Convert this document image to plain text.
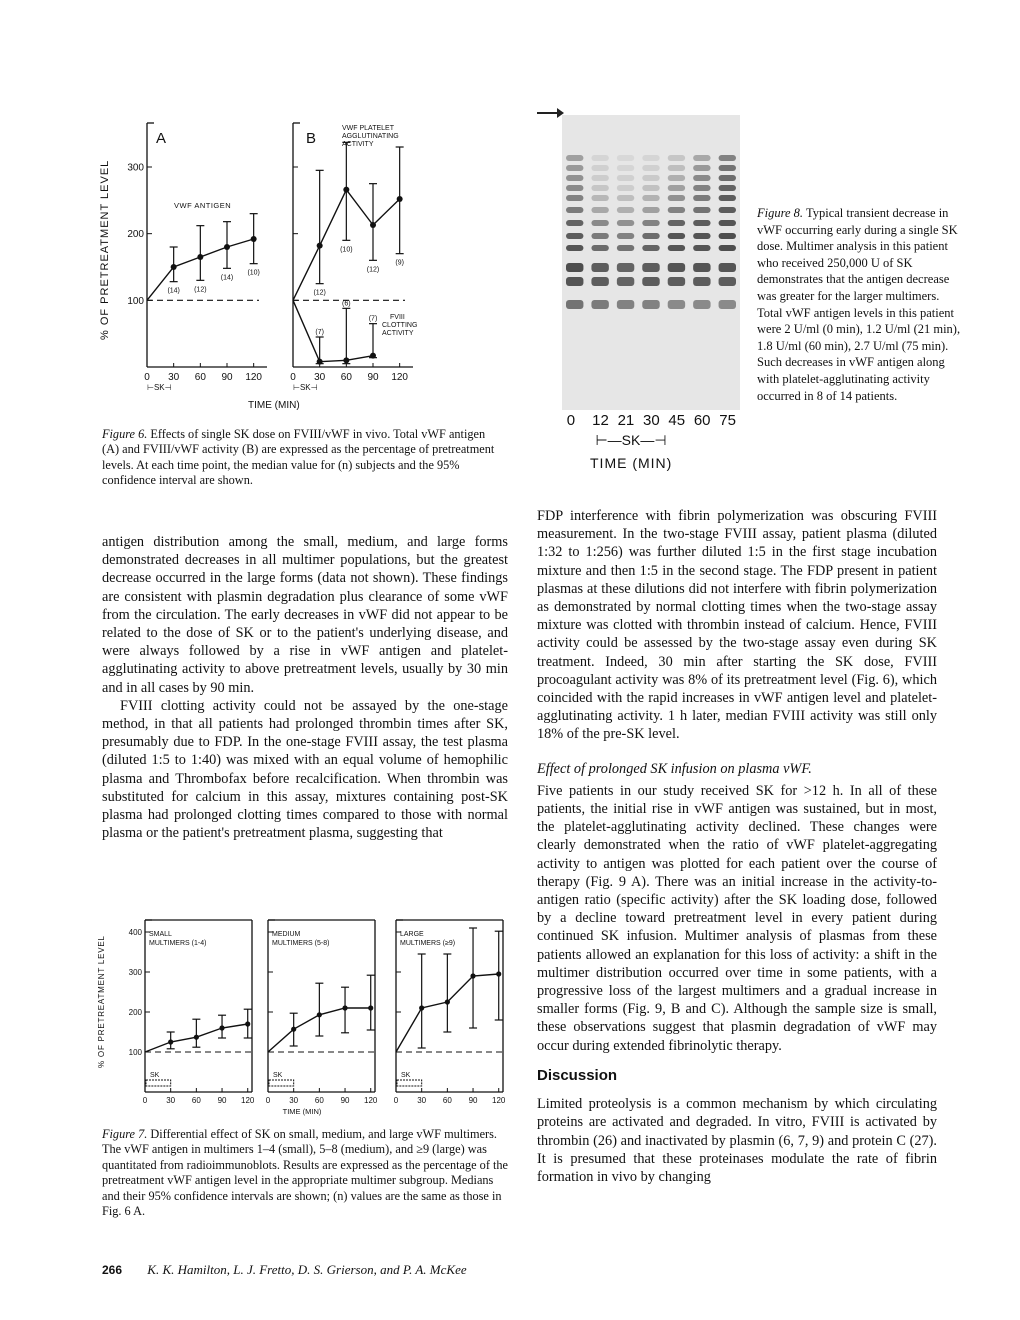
% OF PRETREATMENT LEVEL 100
200
300
0 30 60 90 120
(14) (12)
(14)
(10)
A
VWF ANTIGEN
⊢SK⊣
0 30 60 90 120
(12)
(10)
(12)
(9)
(7)
(6)
(7)
B
VWF PLATELET
AGGLUTINATING
ACTIVITY
FVIII
CLOTTING
ACTIVITY
⊢SK⊣
TIME (MIN)
Figure 6. Effects of single SK dose on FVIII/vWF in vivo. Total vWF antigen (A) and FVIII/vWF activity (B) are expressed as the percentage of pretreatment levels. At each time point, the median value for (n) subjects and the 95% confidence interval are shown.
0 12 21 30 45 60 75
⊢—SK—⊣
TIME (MIN)
Figure 8. Typical transient decrease in vWF occurring early during a single SK dose. Multimer analysis in this patient who received 250,000 U of SK demonstrates that the antigen decrease was greater for the larger multimers. Total vWF antigen levels in this patient were 2 U/ml (0 min), 1.2 U/ml (21 min), 1.8 U/ml (60 min), 2.7 U/ml (75 min). Such decreases in vWF antigen along with platelet-agglutinating activity occurred in 8 of 14 patients.

antigen distribution among the small, medium, and large forms demonstrated decreases in all multimer populations, but the greatest decrease occurred in the large forms (data not shown). These findings are consistent with plasmin degradation plus clearance of some vWF from the circulation. The early decreases in vWF did not appear to be related to the dose of SK or to the patient's underlying disease, and were always followed by a rise in vWF antigen and platelet-agglutinating activity to above pretreatment levels, usually by 30 min and in all cases by 90 min.

FVIII clotting activity could not be assayed by the one-stage method, in that all patients had prolonged thrombin times after SK, presumably due to FDP. In the one-stage FVIII assay, the test plasma (diluted 1:5 to 1:40) was mixed with an equal volume of hemophilic plasma and Thrombofax before recalcification. When thrombin was substituted for calcium in this assay, mixtures containing post-SK plasma had prolonged clotting times compared to those with normal plasma or the patient's pretreatment plasma, suggesting that

% OF PRETREATMENT LEVEL	100
200
300
400
0 30 60 90 120
SMALL
MULTIMERS (1-4)
SK
0 30 60 90 120
MEDIUM
MULTIMERS (5-8)
SK
0 30 60 90 120
LARGE
MULTIMERS (≥9)
SK
TIME (MIN)
Figure 7. Differential effect of SK on small, medium, and large vWF multimers. The vWF antigen in multimers 1–4 (small), 5–8 (medium), and ≥9 (large) was quantitated from radioimmunoblots. Results are expressed as the percentage of the pretreatment vWF antigen level in the appropriate multimer subgroup. Medians and their 95% confidence intervals are shown; (n) values are the same as those in Fig. 6 A.

FDP interference with fibrin polymerization was obscuring FVIII measurement. In the two-stage FVIII assay, patient plasma (diluted 1:32 to 1:256) was further diluted 1:5 in the first stage incubation mixture and then 1:5 in the second stage. The FDP present in patient plasmas at these dilutions did not interfere with fibrin polymerization as demonstrated by normal clotting times when the two-stage assay mixture was clotted with thrombin instead of calcium. Hence, FVIII activity could be assessed by the two-stage assay even during SK treatment. Indeed, 30 min after starting the SK dose, FVIII procoagulant activity was 8% of its pretreatment level (Fig. 6), which coincided with the rapid increases in vWF antigen level and platelet-agglutinating activity. 1 h later, median FVIII activity was still only 18% of the pre-SK level.

Effect of prolonged SK infusion on plasma vWF.

Five patients in our study received SK for >12 h. In all of these patients, the initial rise in vWF antigen was sustained, but in most, the platelet-agglutinating activity declined. These changes were clearly demonstrated when the ratio of vWF platelet-aggregating activity to antigen was plotted for each patient over the course of therapy (Fig. 9 A). There was an initial increase in the activity-to-antigen ratio (specific activity) after the SK loading dose, followed by a decline toward pretreatment level in every patient during continued SK infusion. Multimer analysis of plasmas from these patients allowed an explanation for this loss of activity: a shift in the multimer distribution occurred over time in some patients, with a progressive loss of the largest multimers and a gradual increase in smaller forms (Fig. 9, B and C). Although the sample size is small, these observations suggest that plasmin degradation of vWF may occur during extended fibrinolytic therapy.

Discussion

Limited proteolysis is a common mechanism by which circulating proteins are activated and degraded. In vitro, FVIII is activated by thrombin (26) and inactivated by plasmin (6, 7, 9) and protein C (27). It is presumed that these proteinases modulate the rate of fibrin formation in vivo by changing

266 K. K. Hamilton, L. J. Fretto, D. S. Grierson, and P. A. McKee
